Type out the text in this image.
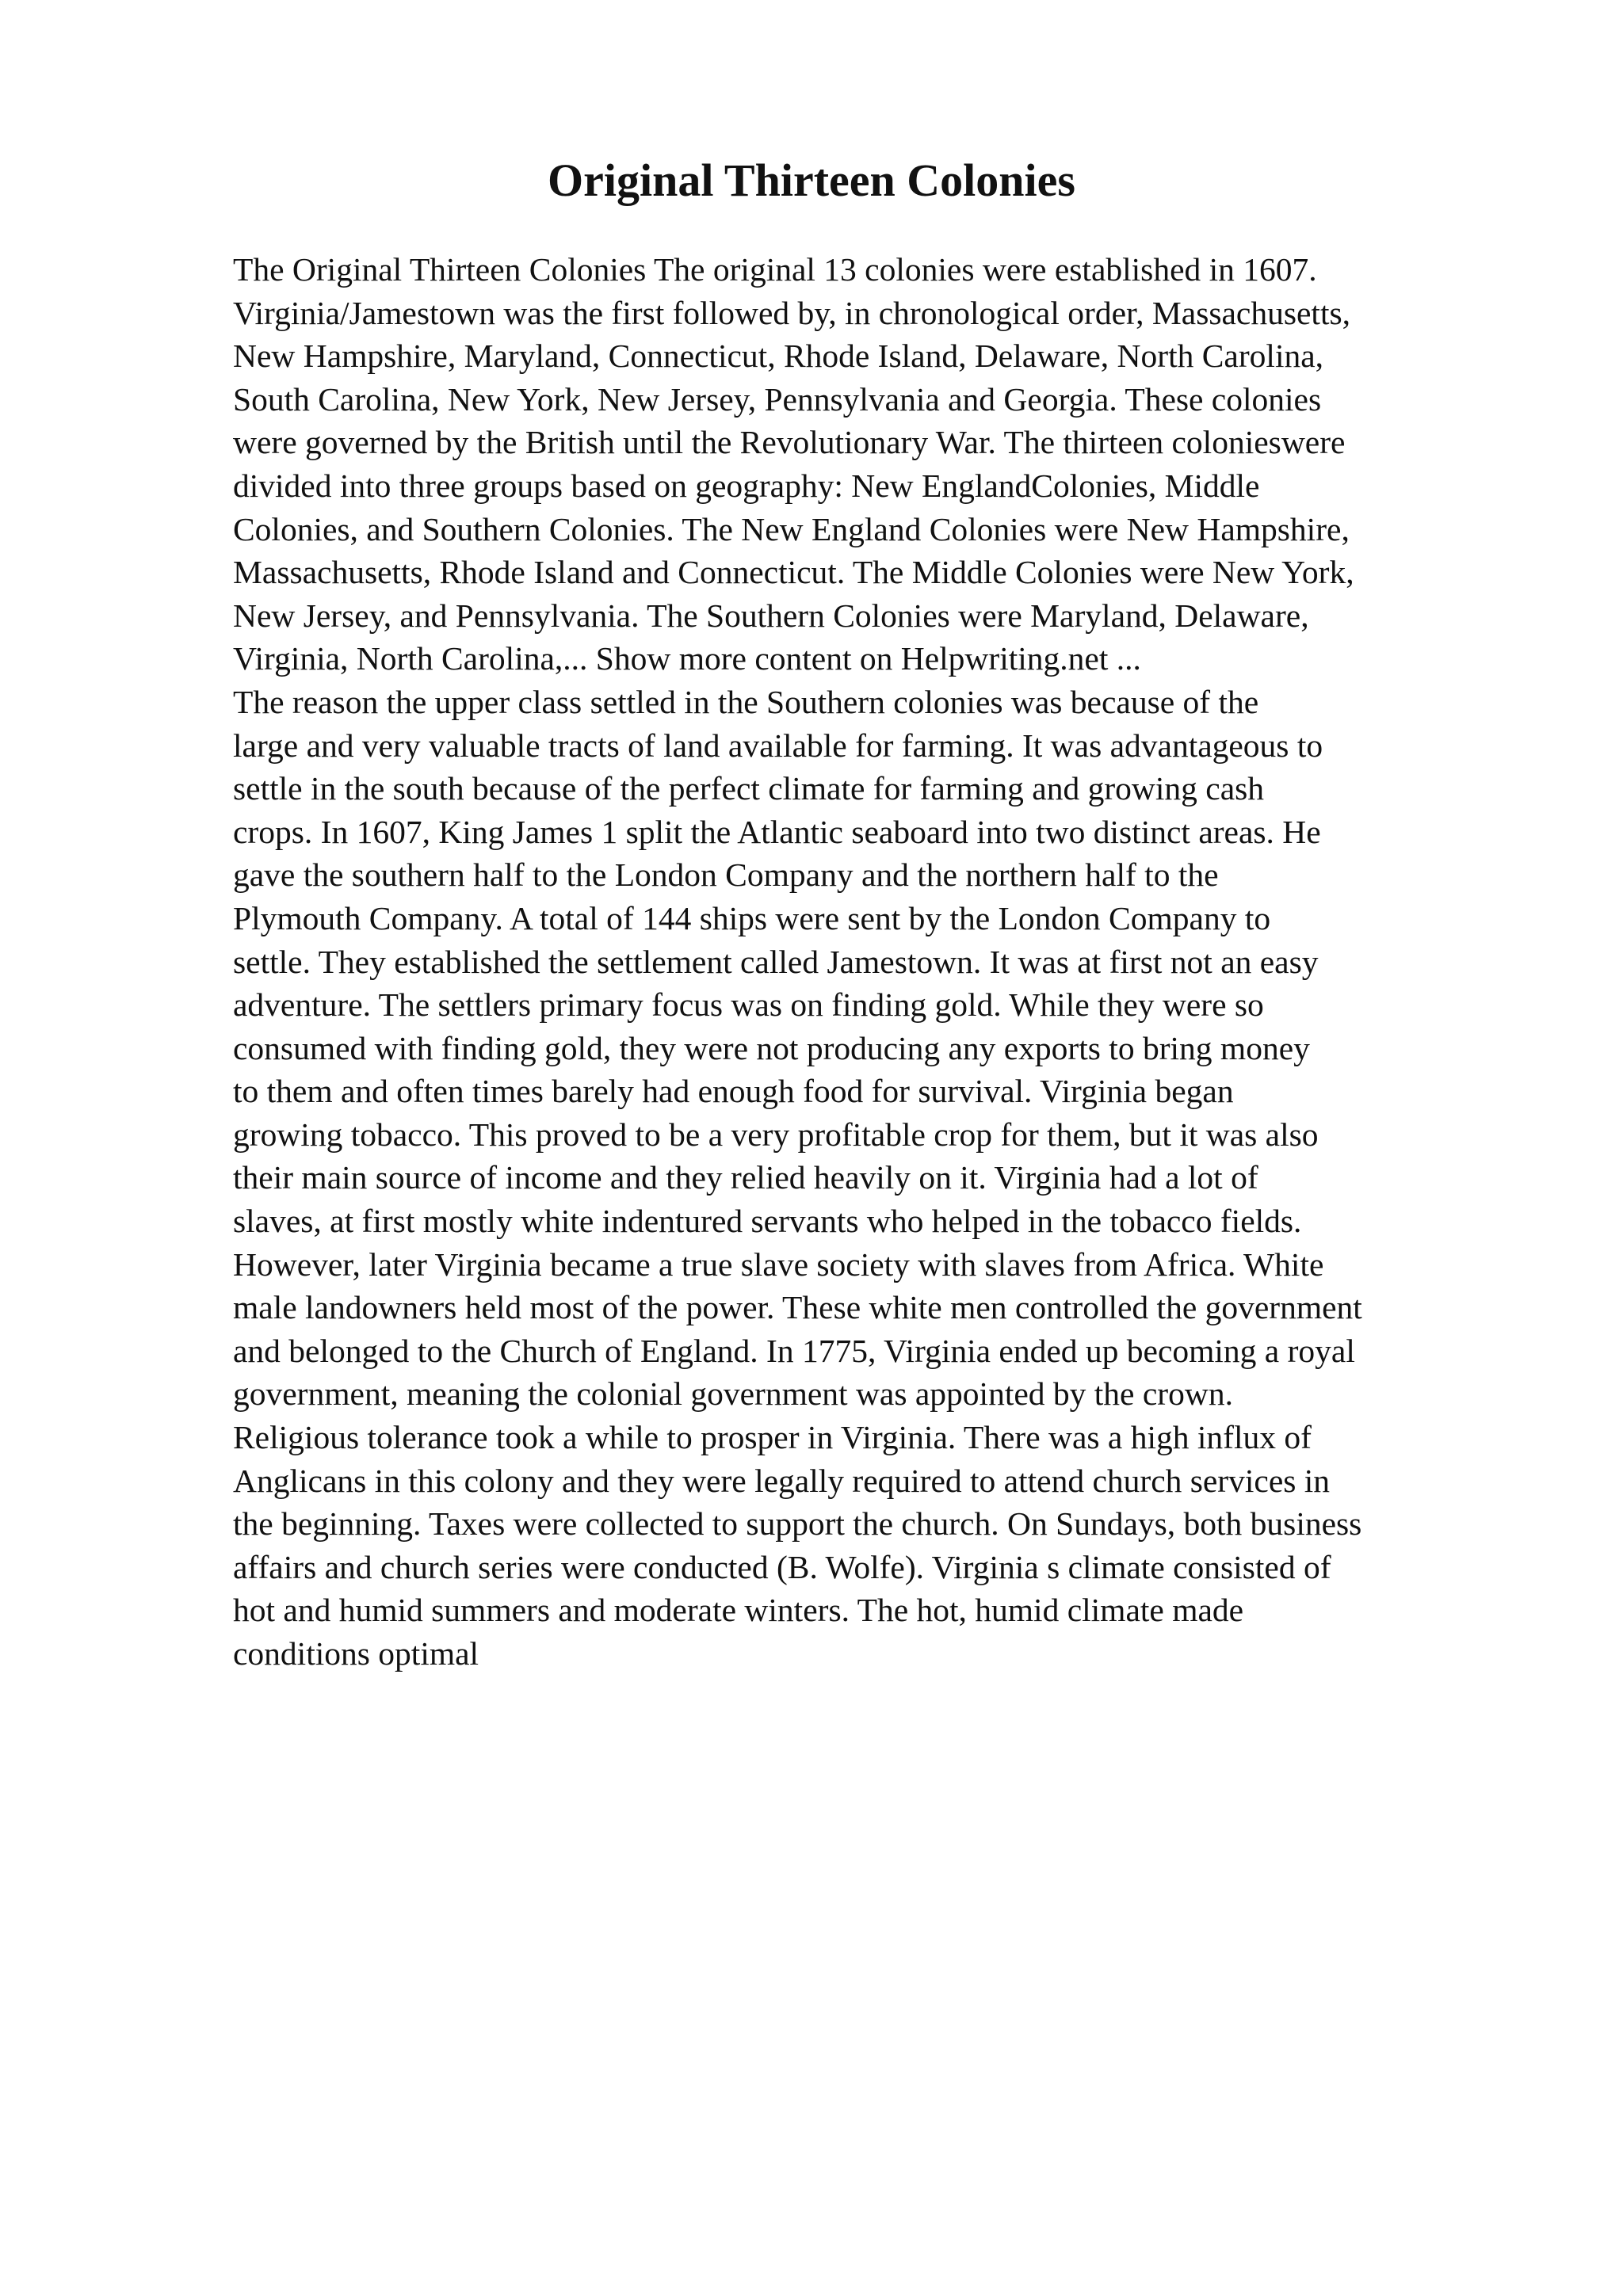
Original Thirteen Colonies
The Original Thirteen Colonies The original 13 colonies were established in 1607.
Virginia/Jamestown was the first followed by, in chronological order, Massachusetts,
New Hampshire, Maryland, Connecticut, Rhode Island, Delaware, North Carolina,
South Carolina, New York, New Jersey, Pennsylvania and Georgia. These colonies
were governed by the British until the Revolutionary War. The thirteen colonieswere
divided into three groups based on geography: New EnglandColonies, Middle
Colonies, and Southern Colonies. The New England Colonies were New Hampshire,
Massachusetts, Rhode Island and Connecticut. The Middle Colonies were New York,
New Jersey, and Pennsylvania. The Southern Colonies were Maryland, Delaware,
Virginia, North Carolina,... Show more content on Helpwriting.net ...
The reason the upper class settled in the Southern colonies was because of the
large and very valuable tracts of land available for farming. It was advantageous to
settle in the south because of the perfect climate for farming and growing cash
crops. In 1607, King James 1 split the Atlantic seaboard into two distinct areas. He
gave the southern half to the London Company and the northern half to the
Plymouth Company. A total of 144 ships were sent by the London Company to
settle. They established the settlement called Jamestown. It was at first not an easy
adventure. The settlers primary focus was on finding gold. While they were so
consumed with finding gold, they were not producing any exports to bring money
to them and often times barely had enough food for survival. Virginia began
growing tobacco. This proved to be a very profitable crop for them, but it was also
their main source of income and they relied heavily on it. Virginia had a lot of
slaves, at first mostly white indentured servants who helped in the tobacco fields.
However, later Virginia became a true slave society with slaves from Africa. White
male landowners held most of the power. These white men controlled the government
and belonged to the Church of England. In 1775, Virginia ended up becoming a royal
government, meaning the colonial government was appointed by the crown.
Religious tolerance took a while to prosper in Virginia. There was a high influx of
Anglicans in this colony and they were legally required to attend church services in
the beginning. Taxes were collected to support the church. On Sundays, both business
affairs and church series were conducted (B. Wolfe). Virginia s climate consisted of
hot and humid summers and moderate winters. The hot, humid climate made
conditions optimal
